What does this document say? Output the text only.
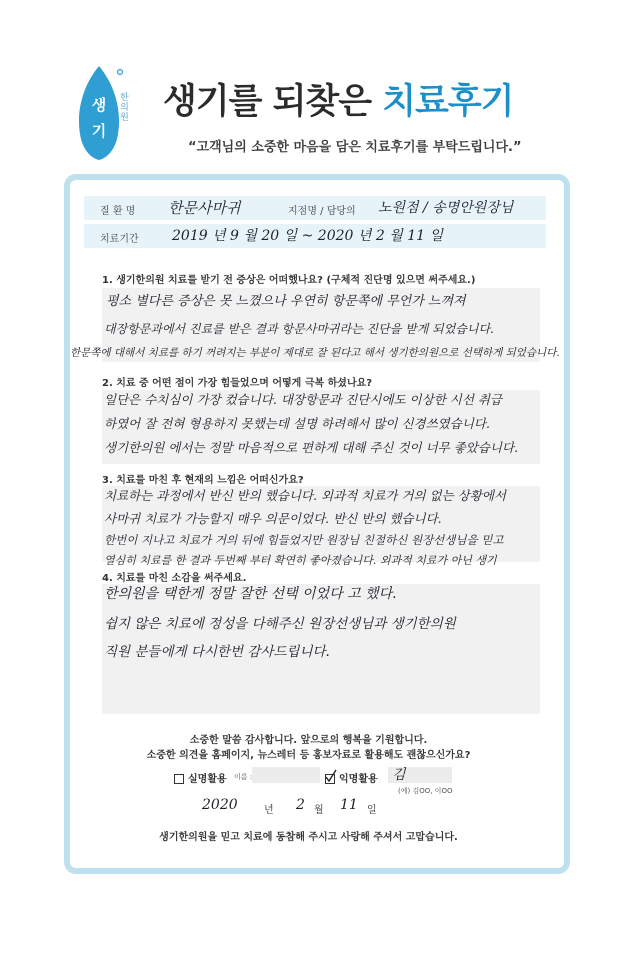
생
기
한의원 생기를 되찾은 치료후기
“고객님의 소중한 마음을 담은 치료후기를 부탁드립니다.”
질 환 명 한문사마귀	지점명 / 담당의 노원점 / 송명안원장님
치료기간 2019 년 9 월 20 일 ~ 2020 년 2 월 11 일
1. 생기한의원 치료를 받기 전 증상은 어떠했나요? (구체적 진단명 있으면 써주세요.)
평소 별다른 증상은 못 느꼈으나 우연히 항문쪽에 무언가 느껴져
대장항문과에서 진료를 받은 결과 항문사마귀라는 진단을 받게 되었습니다.
한문쪽에 대해서 치료를 하기 꺼려지는 부분이 제대로 잘 된다고 해서 생기한의원으로 선택하게 되었습니다.
2. 치료 중 어떤 점이 가장 힘들었으며 어떻게 극복 하셨나요?
일단은 수치심이 가장 컸습니다. 대장항문과 진단시에도 이상한 시선 취급
하였어 잘 전혀 형용하지 못했는데 설명 하려해서 많이 신경쓰였습니다.
생기한의원 에서는 정말 마음적으로 편하게 대해 주신 것이 너무 좋았습니다.
3. 치료를 마친 후 현재의 느낌은 어떠신가요?
치료하는 과정에서 반신 반의 했습니다. 외과적 치료가 거의 없는 상황에서
사마귀 치료가 가능할지 매우 의문이었다. 반신 반의 했습니다.
한번이 지나고 치료가 거의 뒤에 힘들었지만 원장님 친절하신 원장선생님을 믿고
열심히 치료를 한 결과 두번째 부터 확연히 좋아졌습니다. 외과적 치료가 아닌 생기
4. 치료를 마친 소감을 써주세요.
한의원을 택한게 정말 잘한 선택 이었다 고 했다.
쉽지 않은 치료에 정성을 다해주신 원장선생님과 생기한의원
직원 분들에게 다시한번 감사드립니다.
소중한 말씀 감사합니다. 앞으로의 행복을 기원합니다.
소중한 의견을 홈페이지, 뉴스레터 등 홍보자료로 활용해도 괜찮으신가요?
실명활용 이름 :	익명활용 김
(예) 김OO, 이OO
2020	년 2 월 11 일
생기한의원을 믿고 치료에 동참해 주시고 사랑해 주셔서 고맙습니다.
